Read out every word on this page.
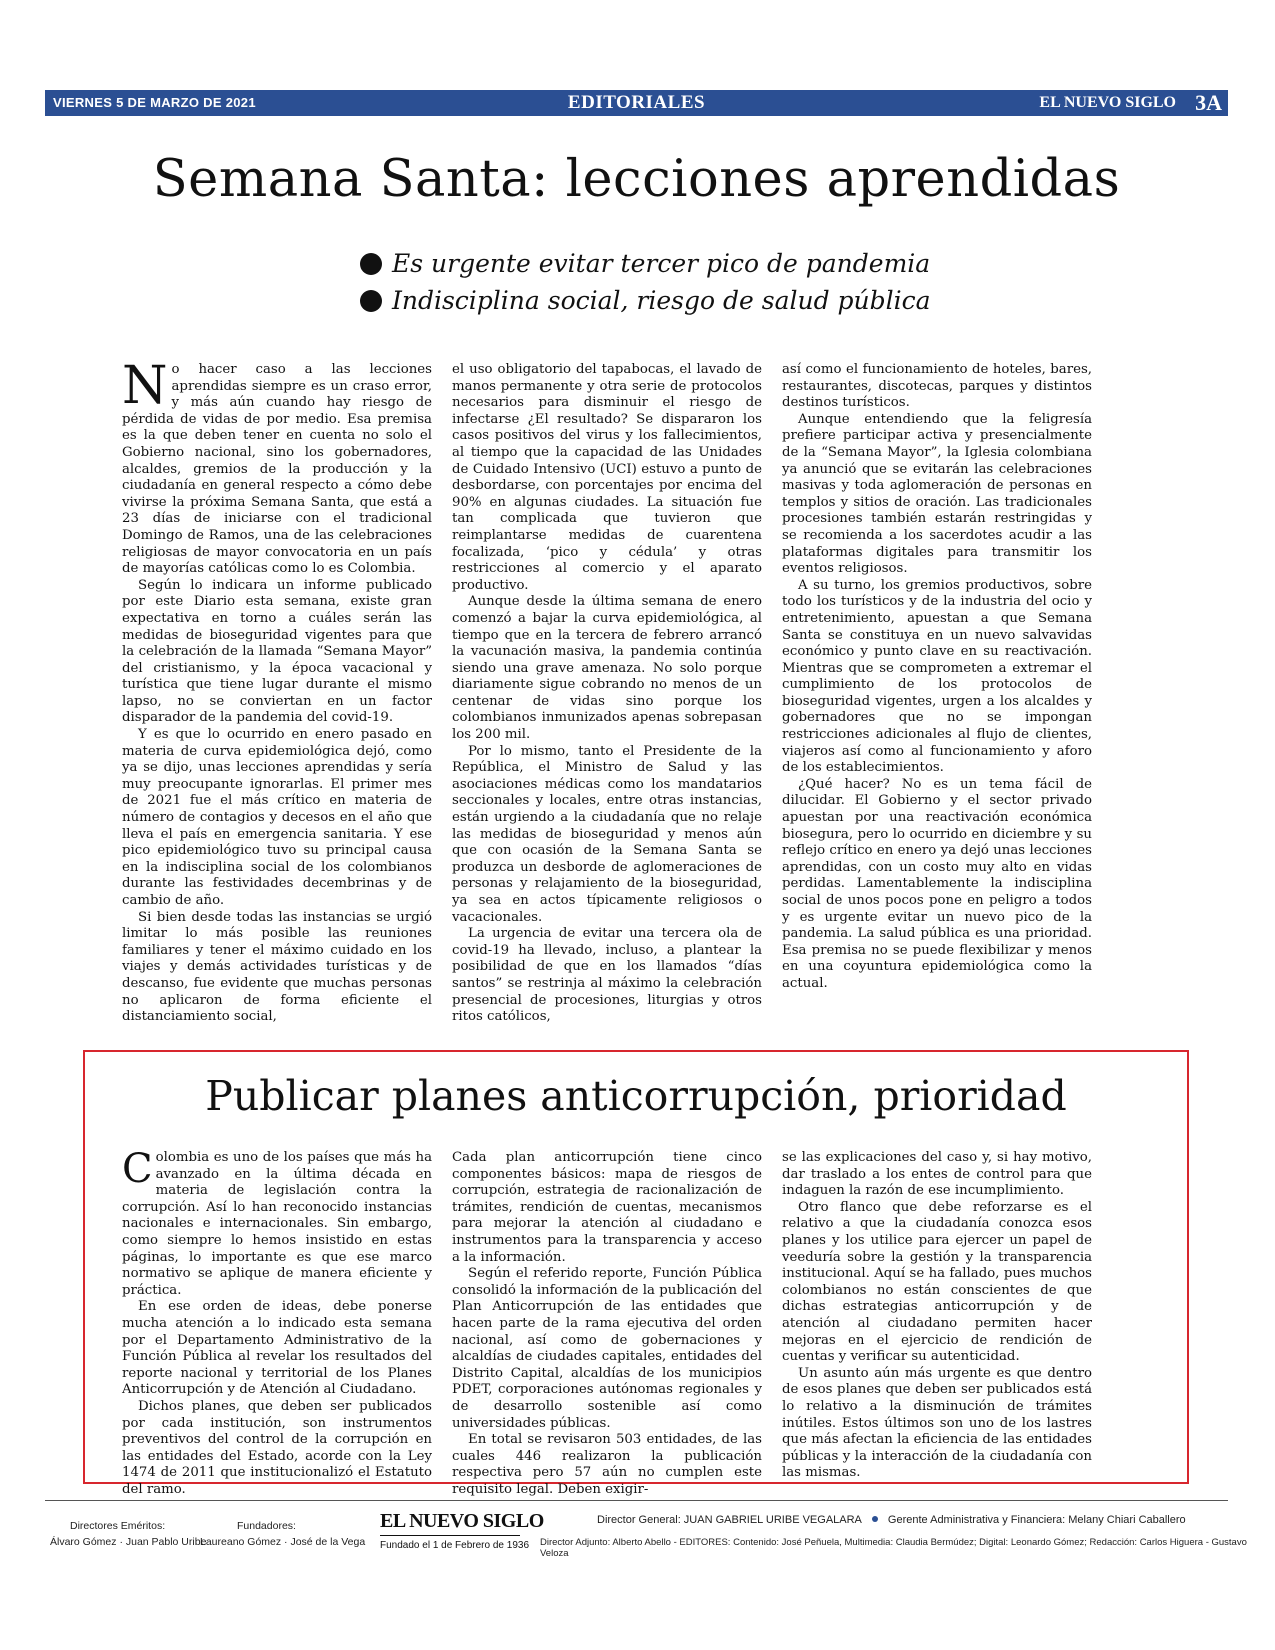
VIERNES 5 DE MARZO DE 2021	EDITORIALES	EL NUEVO SIGLO 3A
Semana Santa: lecciones aprendidas
Es urgente evitar tercer pico de pandemia
Indisciplina social, riesgo de salud pública

No hacer caso a las lecciones aprendidas siempre es un craso error, y más aún cuando hay riesgo de pérdida de vidas de por medio. Esa premisa es la que deben tener en cuenta no solo el Gobierno nacional, sino los gobernadores, alcaldes, gremios de la producción y la ciudadanía en general respecto a cómo debe vivirse la próxima Semana Santa, que está a 23 días de iniciarse con el tradicional Domingo de Ramos, una de las celebraciones religiosas de mayor convocatoria en un país de mayorías católicas como lo es Colombia.

Según lo indicara un informe publicado por este Diario esta semana, existe gran expectativa en torno a cuáles serán las medidas de bioseguridad vigentes para que la celebración de la llamada “Semana Mayor” del cristianismo, y la época vacacional y turística que tiene lugar durante el mismo lapso, no se conviertan en un factor disparador de la pandemia del covid-19.

Y es que lo ocurrido en enero pasado en materia de curva epidemiológica dejó, como ya se dijo, unas lecciones aprendidas y sería muy preocupante ignorarlas. El primer mes de 2021 fue el más crítico en materia de número de contagios y decesos en el año que lleva el país en emergencia sanitaria. Y ese pico epidemiológico tuvo su principal causa en la indisciplina social de los colombianos durante las festividades decembrinas y de cambio de año.

Si bien desde todas las instancias se urgió limitar lo más posible las reuniones familiares y tener el máximo cuidado en los viajes y demás actividades turísticas y de descanso, fue evidente que muchas personas no aplicaron de forma eficiente el distanciamiento social,

el uso obligatorio del tapabocas, el lavado de manos permanente y otra serie de protocolos necesarios para disminuir el riesgo de infectarse ¿El resultado? Se dispararon los casos positivos del virus y los fallecimientos, al tiempo que la capacidad de las Unidades de Cuidado Intensivo (UCI) estuvo a punto de desbordarse, con porcentajes por encima del 90% en algunas ciudades. La situación fue tan complicada que tuvieron que reimplantarse medidas de cuarentena focalizada, ‘pico y cédula’ y otras restricciones al comercio y el aparato productivo.

Aunque desde la última semana de enero comenzó a bajar la curva epidemiológica, al tiempo que en la tercera de febrero arrancó la vacunación masiva, la pandemia continúa siendo una grave amenaza. No solo porque diariamente sigue cobrando no menos de un centenar de vidas sino porque los colombianos inmunizados apenas sobrepasan los 200 mil.

Por lo mismo, tanto el Presidente de la República, el Ministro de Salud y las asociaciones médicas como los mandatarios seccionales y locales, entre otras instancias, están urgiendo a la ciudadanía que no relaje las medidas de bioseguridad y menos aún que con ocasión de la Semana Santa se produzca un desborde de aglomeraciones de personas y relajamiento de la bioseguridad, ya sea en actos típicamente religiosos o vacacionales.

La urgencia de evitar una tercera ola de covid-19 ha llevado, incluso, a plantear la posibilidad de que en los llamados “días santos” se restrinja al máximo la celebración presencial de procesiones, liturgias y otros ritos católicos,

así como el funcionamiento de hoteles, bares, restaurantes, discotecas, parques y distintos destinos turísticos.

Aunque entendiendo que la feligresía prefiere participar activa y presencialmente de la “Semana Mayor”, la Iglesia colombiana ya anunció que se evitarán las celebraciones masivas y toda aglomeración de personas en templos y sitios de oración. Las tradicionales procesiones también estarán restringidas y se recomienda a los sacerdotes acudir a las plataformas digitales para transmitir los eventos religiosos.

A su turno, los gremios productivos, sobre todo los turísticos y de la industria del ocio y entretenimiento, apuestan a que Semana Santa se constituya en un nuevo salvavidas económico y punto clave en su reactivación. Mientras que se comprometen a extremar el cumplimiento de los protocolos de bioseguridad vigentes, urgen a los alcaldes y gobernadores que no se impongan restricciones adicionales al flujo de clientes, viajeros así como al funcionamiento y aforo de los establecimientos.

¿Qué hacer? No es un tema fácil de dilucidar. El Gobierno y el sector privado apuestan por una reactivación económica biosegura, pero lo ocurrido en diciembre y su reflejo crítico en enero ya dejó unas lecciones aprendidas, con un costo muy alto en vidas perdidas. Lamentablemente la indisciplina social de unos pocos pone en peligro a todos y es urgente evitar un nuevo pico de la pandemia. La salud pública es una prioridad. Esa premisa no se puede flexibilizar y menos en una coyuntura epidemiológica como la actual.

Publicar planes anticorrupción, prioridad

Colombia es uno de los países que más ha avanzado en la última década en materia de legislación contra la corrupción. Así lo han reconocido instancias nacionales e internacionales. Sin embargo, como siempre lo hemos insistido en estas páginas, lo importante es que ese marco normativo se aplique de manera eficiente y práctica.

En ese orden de ideas, debe ponerse mucha atención a lo indicado esta semana por el Departamento Administrativo de la Función Pública al revelar los resultados del reporte nacional y territorial de los Planes Anticorrupción y de Atención al Ciudadano.

Dichos planes, que deben ser publicados por cada institución, son instrumentos preventivos del control de la corrupción en las entidades del Estado, acorde con la Ley 1474 de 2011 que institucionalizó el Estatuto del ramo.

Cada plan anticorrupción tiene cinco componentes básicos: mapa de riesgos de corrupción, estrategia de racionalización de trámites, rendición de cuentas, mecanismos para mejorar la atención al ciudadano e instrumentos para la transparencia y acceso a la información.

Según el referido reporte, Función Pública consolidó la información de la publicación del Plan Anticorrupción de las entidades que hacen parte de la rama ejecutiva del orden nacional, así como de gobernaciones y alcaldías de ciudades capitales, entidades del Distrito Capital, alcaldías de los municipios PDET, corporaciones autónomas regionales y de desarrollo sostenible así como universidades públicas.

En total se revisaron 503 entidades, de las cuales 446 realizaron la publicación respectiva pero 57 aún no cumplen este requisito legal. Deben exigir-

se las explicaciones del caso y, si hay motivo, dar traslado a los entes de control para que indaguen la razón de ese incumplimiento.

Otro flanco que debe reforzarse es el relativo a que la ciudadanía conozca esos planes y los utilice para ejercer un papel de veeduría sobre la gestión y la transparencia institucional. Aquí se ha fallado, pues muchos colombianos no están conscientes de que dichas estrategias anticorrupción y de atención al ciudadano permiten hacer mejoras en el ejercicio de rendición de cuentas y verificar su autenticidad.

Un asunto aún más urgente es que dentro de esos planes que deben ser publicados está lo relativo a la disminución de trámites inútiles. Estos últimos son uno de los lastres que más afectan la eficiencia de las entidades públicas y la interacción de la ciudadanía con las mismas.

Directores Eméritos:
Álvaro Gómez · Juan Pablo Uribe
Fundadores:
Laureano Gómez · José de la Vega
EL NUEVO SIGLO
Fundado el 1 de Febrero de 1936
Director General: JUAN GABRIEL URIBE VEGALARA Gerente Administrativa y Financiera: Melany Chiari Caballero
Director Adjunto: Alberto Abello - EDITORES: Contenido: José Peñuela, Multimedia: Claudia Bermúdez; Digital: Leonardo Gómez; Redacción: Carlos Higuera - Gustavo Veloza
